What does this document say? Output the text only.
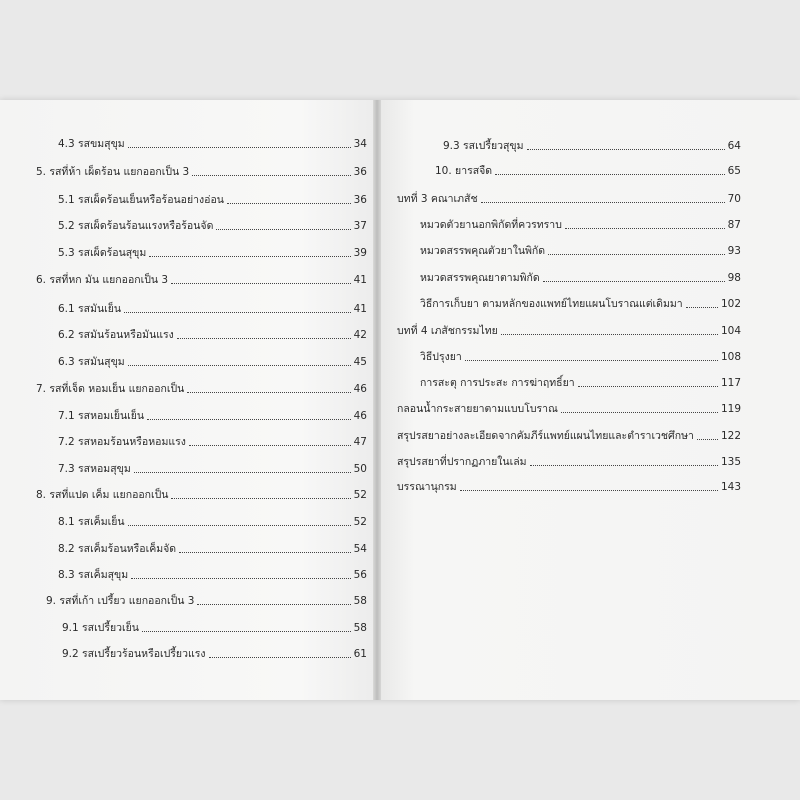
4.3 รสขมสุขุม	34
5. รสที่ห้า เผ็ดร้อน แยกออกเป็น 3	36
5.1 รสเผ็ดร้อนเย็นหรือร้อนอย่างอ่อน	36
5.2 รสเผ็ดร้อนร้อนแรงหรือร้อนจัด	37
5.3 รสเผ็ดร้อนสุขุม	39
6. รสที่หก มัน แยกออกเป็น 3	41
6.1 รสมันเย็น	41
6.2 รสมันร้อนหรือมันแรง	42
6.3 รสมันสุขุม	45
7. รสที่เจ็ด หอมเย็น แยกออกเป็น	46
7.1 รสหอมเย็นเย็น	46
7.2 รสหอมร้อนหรือหอมแรง	47
7.3 รสหอมสุขุม	50
8. รสที่แปด เค็ม แยกออกเป็น	52
8.1 รสเค็มเย็น	52
8.2 รสเค็มร้อนหรือเค็มจัด	54
8.3 รสเค็มสุขุม	56
9. รสที่เก้า เปรี้ยว แยกออกเป็น 3	58
9.1 รสเปรี้ยวเย็น	58
9.2 รสเปรี้ยวร้อนหรือเปรี้ยวแรง	61
9.3 รสเปรี้ยวสุขุม	64
10. ยารสจืด	65
บทที่ 3 คณาเภสัช	70
หมวดตัวยานอกพิกัดที่ควรทราบ	87
หมวดสรรพคุณตัวยาในพิกัด	93
หมวดสรรพคุณยาตามพิกัด	98
วิธีการเก็บยา ตามหลักของแพทย์ไทยแผนโบราณแต่เดิมมา	102
บทที่ 4 เภสัชกรรมไทย	104
วิธีปรุงยา	108
การสะตุ การประสะ การฆ่าฤทธิ์ยา	117
กลอนน้ำกระสายยาตามแบบโบราณ	119
สรุปรสยาอย่างละเอียดจากคัมภีร์แพทย์แผนไทยและตำราเวชศึกษา	122
สรุปรสยาที่ปรากฏภายในเล่ม	135
บรรณานุกรม	143
